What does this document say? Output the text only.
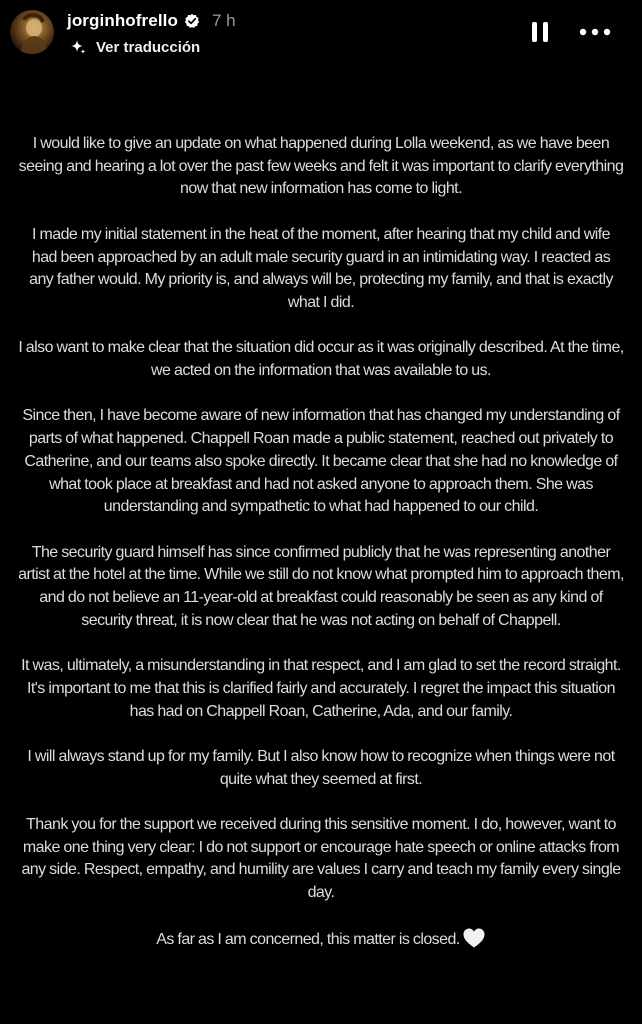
jorginhofrello 7 h
Ver traducción

I would like to give an update on what happened during Lolla weekend, as we have been seeing and hearing a lot over the past few weeks and felt it was important to clarify everything now that new information has come to light.

I made my initial statement in the heat of the moment, after hearing that my child and wife had been approached by an adult male security guard in an intimidating way. I reacted as any father would. My priority is, and always will be, protecting my family, and that is exactly what I did.

I also want to make clear that the situation did occur as it was originally described. At the time, we acted on the information that was available to us.

Since then, I have become aware of new information that has changed my understanding of parts of what happened. Chappell Roan made a public statement, reached out privately to Catherine, and our teams also spoke directly. It became clear that she had no knowledge of what took place at breakfast and had not asked anyone to approach them. She was understanding and sympathetic to what had happened to our child.

The security guard himself has since confirmed publicly that he was representing another artist at the hotel at the time. While we still do not know what prompted him to approach them, and do not believe an 11-year-old at breakfast could reasonably be seen as any kind of security threat, it is now clear that he was not acting on behalf of Chappell.

It was, ultimately, a misunderstanding in that respect, and I am glad to set the record straight. It's important to me that this is clarified fairly and accurately. I regret the impact this situation has had on Chappell Roan, Catherine, Ada, and our family.

I will always stand up for my family. But I also know how to recognize when things were not quite what they seemed at first.

Thank you for the support we received during this sensitive moment. I do, however, want to make one thing very clear: I do not support or encourage hate speech or online attacks from any side. Respect, empathy, and humility are values I carry and teach my family every single day.

As far as I am concerned, this matter is closed.
